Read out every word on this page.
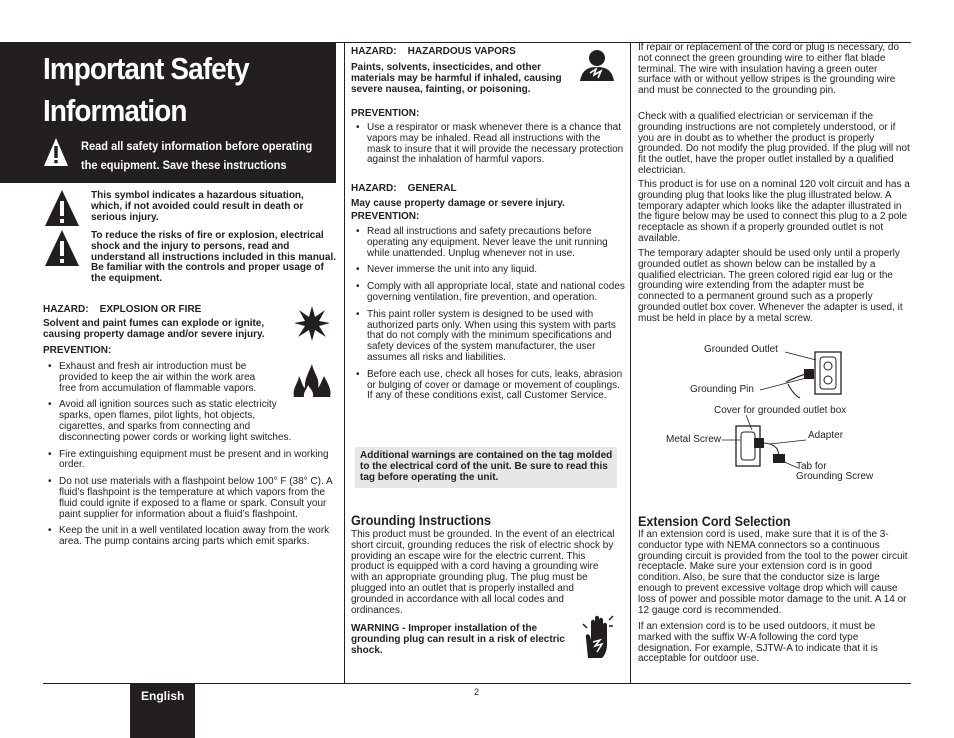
Important Safety
Information
Read all safety information before operating the equipment. Save these instructions
This symbol indicates a hazardous situation, which, if not avoided could result in death or serious injury.
To reduce the risks of fire or explosion, electrical shock and the injury to persons, read and understand all instructions included in this manual. Be familiar with the controls and proper usage of the equipment.
HAZARD:    EXPLOSION OR FIRE
Solvent and paint fumes can explode or ignite, causing property damage and/or severe injury.
PREVENTION:
• Exhaust and fresh air introduction must be provided to keep the air within the work area free from accumulation of flammable vapors.
• Avoid all ignition sources such as static electricity sparks, open flames, pilot lights, hot objects, cigarettes, and sparks from connecting and disconnecting power cords or working light switches.
• Fire extinguishing equipment must be present and in working order.
• Do not use materials with a flashpoint below 100° F (38° C). A fluid’s flashpoint is the temperature at which vapors from the fluid could ignite if exposed to a flame or spark. Consult your paint supplier for information about a fluid’s flashpoint.
• Keep the unit in a well ventilated location away from the work area. The pump contains arcing parts which emit sparks.
HAZARD:    HAZARDOUS VAPORS
Paints, solvents, insecticides, and other materials may be harmful if inhaled, causing severe nausea, fainting, or poisoning.
PREVENTION:
• Use a respirator or mask whenever there is a chance that vapors may be inhaled. Read all instructions with the mask to insure that it will provide the necessary protection against the inhalation of harmful vapors.
HAZARD:    GENERAL
May cause property damage or severe injury.
PREVENTION:
• Read all instructions and safety precautions before operating any equipment. Never leave the unit running while unattended. Unplug whenever not in use.
• Never immerse the unit into any liquid.
• Comply with all appropriate local, state and national codes governing ventilation, fire prevention, and operation.
• This paint roller system is designed to be used with authorized parts only. When using this system with parts that do not comply with the minimum specifications and safety devices of the system manufacturer, the user assumes all risks and liabilities.
• Before each use, check all hoses for cuts, leaks, abrasion or bulging of cover or damage or movement of couplings. If any of these conditions exist, call Customer Service.
Additional warnings are contained on the tag molded to the electrical cord of the unit. Be sure to read this tag before operating the unit.
Grounding Instructions
This product must be grounded. In the event of an electrical short circuit, grounding reduces the risk of electric shock by providing an escape wire for the electric current. This product is equipped with a cord having a grounding wire with an appropriate grounding plug. The plug must be plugged into an outlet that is properly installed and grounded in accordance with all local codes and ordinances.
WARNING - Improper installation of the grounding plug can result in a risk of electric shock.
If repair or replacement of the cord or plug is necessary, do not connect the green grounding wire to either flat blade terminal. The wire with insulation having a green outer surface with or without yellow stripes is the grounding wire and must be connected to the grounding pin.
Check with a qualified electrician or serviceman if the grounding instructions are not completely understood, or if you are in doubt as to whether the product is properly grounded. Do not modify the plug provided. If the plug will not fit the outlet, have the proper outlet installed by a qualified electrician.
This product is for use on a nominal 120 volt circuit and has a grounding plug that looks like the plug illustrated below. A temporary adapter which looks like the adapter illustrated in the figure below may be used to connect this plug to a 2 pole receptacle as shown if a properly grounded outlet is not available.
The temporary adapter should be used only until a properly grounded outlet as shown below can be installed by a qualified electrician. The green colored rigid ear lug or the grounding wire extending from the adapter must be connected to a permanent ground such as a properly grounded outlet box cover. Whenever the adapter is used, it must be held in place by a metal screw.
Grounded Outlet
Grounding Pin
Cover for grounded outlet box
Metal Screw	Adapter
Tab for
Grounding Screw
Extension Cord Selection
If an extension cord is used, make sure that it is of the 3-conductor type with NEMA connectors so a continuous grounding circuit is provided from the tool to the power circuit receptacle. Make sure your extension cord is in good condition. Also, be sure that the conductor size is large enough to prevent excessive voltage drop which will cause loss of power and possible motor damage to the unit. A 14 or 12 gauge cord is recommended.
If an extension cord is to be used outdoors, it must be marked with the suffix W-A following the cord type designation. For example, SJTW-A to indicate that it is acceptable for outdoor use.
English	2
